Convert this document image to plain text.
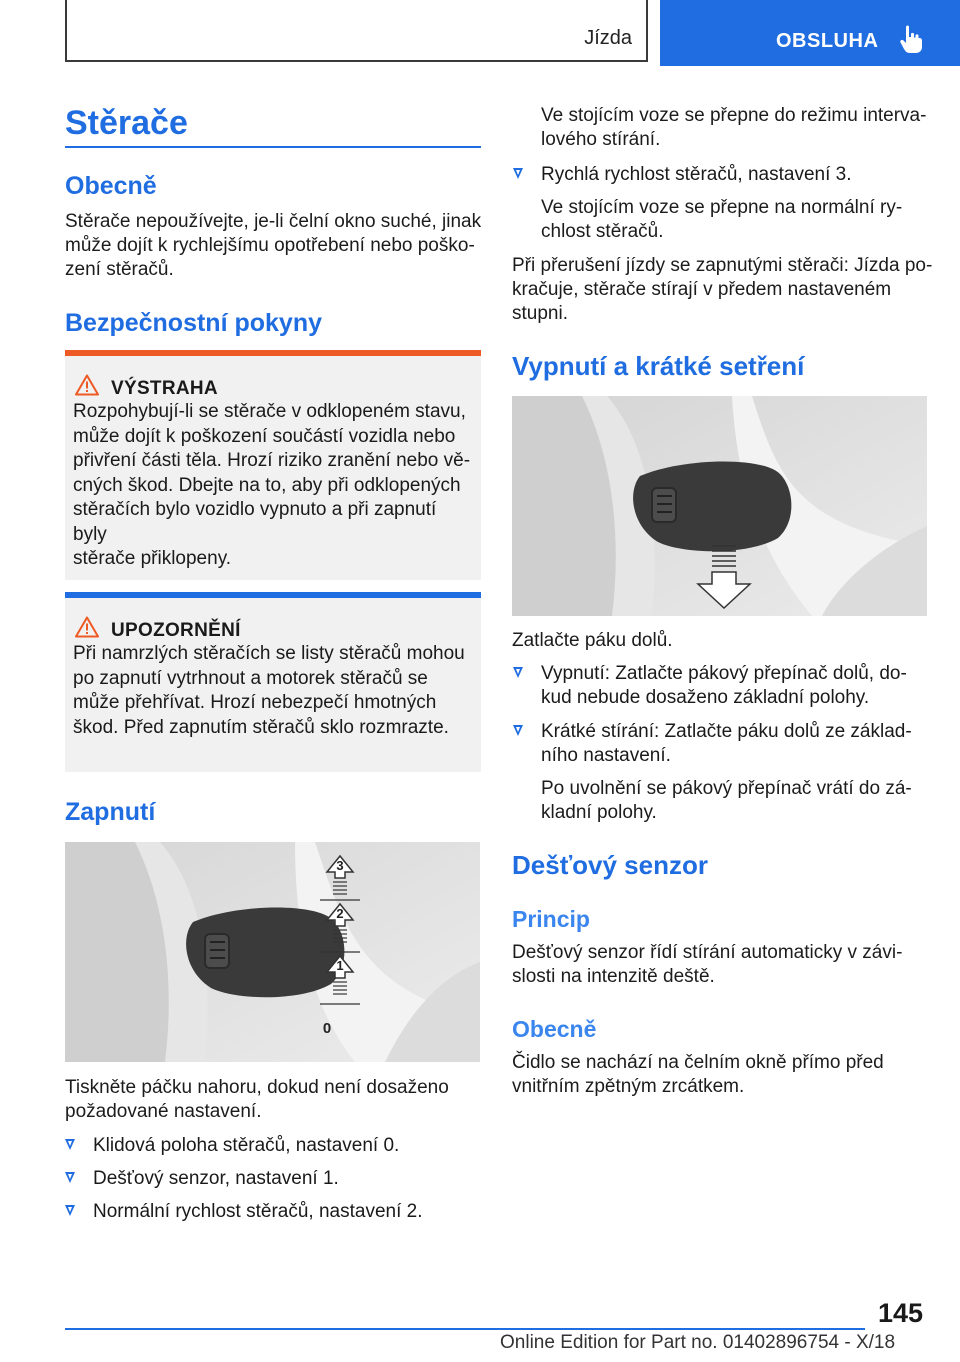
Jízda	OBSLUHA
Stěrače
Obecně
Stěrače nepoužívejte, je-li čelní okno suché, jinak
může dojít k rychlejšímu opotřebení nebo poško-
zení stěračů.
Bezpečnostní pokyny
VÝSTRAHA
Rozpohybují-li se stěrače v odklopeném stavu,
může dojít k poškození součástí vozidla nebo
přivření části těla. Hrozí riziko zranění nebo vě-
cných škod. Dbejte na to, aby při odklopených
stěračích bylo vozidlo vypnuto a při zapnutí byly
stěrače přiklopeny.
UPOZORNĚNÍ
Při namrzlých stěračích se listy stěračů mohou
po zapnutí vytrhnout a motorek stěračů se
může přehřívat. Hrozí nebezpečí hmotných
škod. Před zapnutím stěračů sklo rozmrazte.
Zapnutí
3
2
1
0
Tiskněte páčku nahoru, dokud není dosaženo
požadované nastavení.
Klidová poloha stěračů, nastavení 0.
Dešťový senzor, nastavení 1.
Normální rychlost stěračů, nastavení 2.
Ve stojícím voze se přepne do režimu interva-
lového stírání.
Rychlá rychlost stěračů, nastavení 3.
Ve stojícím voze se přepne na normální ry-
chlost stěračů.
Při přerušení jízdy se zapnutými stěrači: Jízda po-
kračuje, stěrače stírají v předem nastaveném
stupni.
Vypnutí a krátké setření
Zatlačte páku dolů.
Vypnutí: Zatlačte pákový přepínač dolů, do-
kud nebude dosaženo základní polohy.
Krátké stírání: Zatlačte páku dolů ze základ-
ního nastavení.
Po uvolnění se pákový přepínač vrátí do zá-
kladní polohy.
Dešťový senzor
Princip
Dešťový senzor řídí stírání automaticky v závi-
slosti na intenzitě deště.
Obecně
Čidlo se nachází na čelním okně přímo před
vnitřním zpětným zrcátkem.
145
Online Edition for Part no. 01402896754 - X/18
